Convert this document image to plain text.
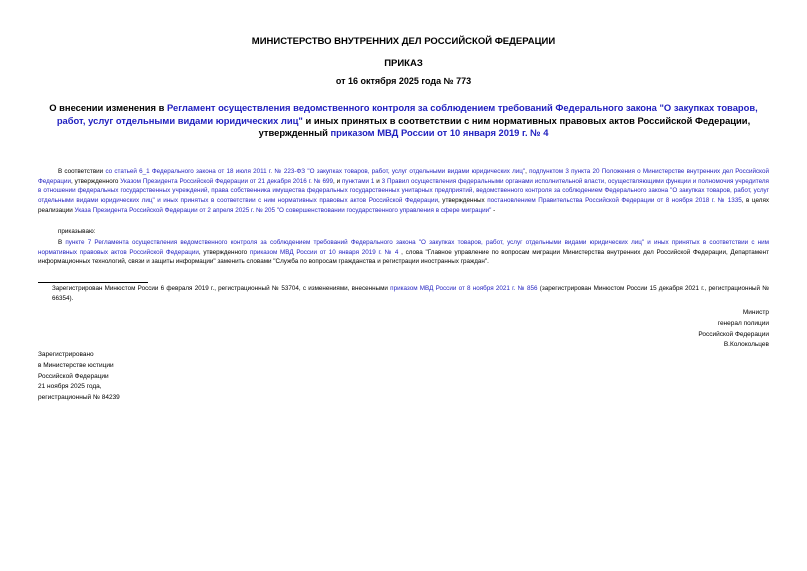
МИНИСТЕРСТВО ВНУТРЕННИХ ДЕЛ РОССИЙСКОЙ ФЕДЕРАЦИИ
ПРИКАЗ
от 16 октября 2025 года № 773
О внесении изменения в Регламент осуществления ведомственного контроля за соблюдением требований Федерального закона "О закупках товаров, работ, услуг отдельными видами юридических лиц" и иных принятых в соответствии с ним нормативных правовых актов Российской Федерации, утвержденный приказом МВД России от 10 января 2019 г. № 4
В соответствии со статьей 6_1 Федерального закона от 18 июля 2011 г. № 223-ФЗ "О закупках товаров, работ, услуг отдельными видами юридических лиц", подпунктом 3 пункта 20 Положения о Министерстве внутренних дел Российской Федерации, утвержденного Указом Президента Российской Федерации от 21 декабря 2016 г. № 699, и пунктами 1 и 3 Правил осуществления федеральными органами исполнительной власти, осуществляющими функции и полномочия учредителя в отношении федеральных государственных учреждений, права собственника имущества федеральных государственных унитарных предприятий, ведомственного контроля за соблюдением Федерального закона "О закупках товаров, работ, услуг отдельными видами юридических лиц" и иных принятых в соответствии с ним нормативных правовых актов Российской Федерации, утвержденных постановлением Правительства Российской Федерации от 8 ноября 2018 г. № 1335, в целях реализации Указа Президента Российской Федерации от 2 апреля 2025 г. № 205 "О совершенствовании государственного управления в сфере миграции" -
приказываю:
В пункте 7 Регламента осуществления ведомственного контроля за соблюдением требований Федерального закона "О закупках товаров, работ, услуг отдельными видами юридических лиц" и иных принятых в соответствии с ним нормативных правовых актов Российской Федерации, утвержденного приказом МВД России от 10 января 2019 г. № 4 , слова "Главное управление по вопросам миграции Министерства внутренних дел Российской Федерации, Департамент информационных технологий, связи и защиты информации" заменить словами "Служба по вопросам гражданства и регистрации иностранных граждан".
Зарегистрирован Минюстом России 6 февраля 2019 г., регистрационный № 53704, с изменениями, внесенными приказом МВД России от 8 ноября 2021 г. № 856 (зарегистрирован Минюстом России 15 декабря 2021 г., регистрационный № 66354).
Министр
генерал полиции
Российской Федерации
В.Колокольцев
Зарегистрировано
в Министерстве юстиции
Российской Федерации
21 ноября 2025 года,
регистрационный № 84239
